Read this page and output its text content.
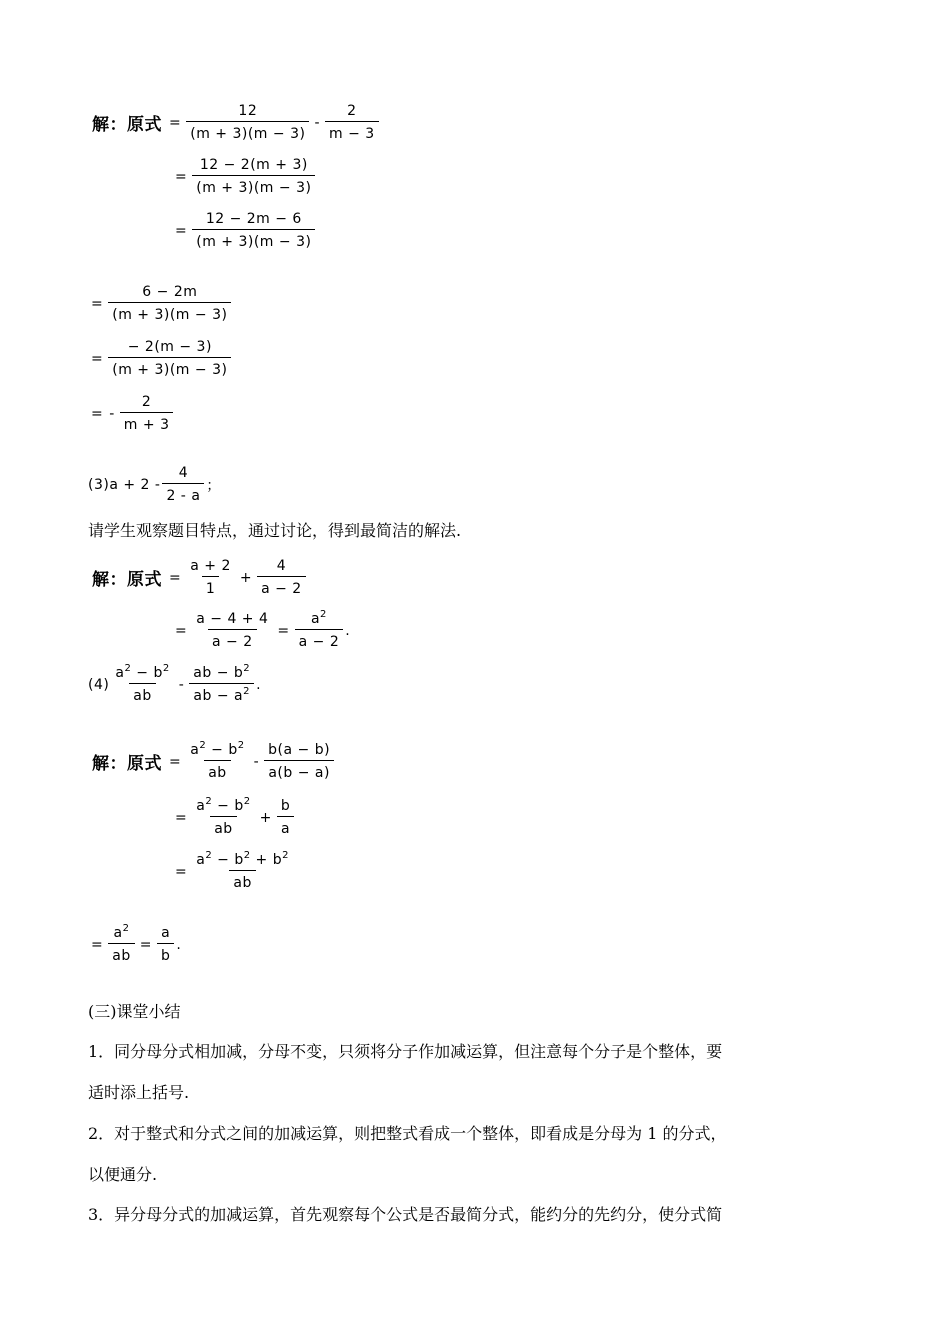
解：原式 = $\frac{12}{(m + 3)(m - 3)} - \frac{2}{m - 3}$
= $\frac{12 - 2(m + 3)}{(m + 3)(m - 3)}$
= $\frac{12 - 2m - 6}{(m + 3)(m - 3)}$
= $\frac{6 - 2m}{(m + 3)(m - 3)}$
= $\frac{- 2(m - 3)}{(m + 3)(m - 3)}$
= - $\frac{2}{m + 3}$
$(3)a + 2 - \frac{4}{2 - a}$ ；
请学生观察题目特点，通过讨论，得到最简洁的解法.
解：原式 = $\frac{a + 2}{1} + \frac{4}{a - 2}$
= $\frac{a - 4 + 4}{a - 2} = \frac{a^2}{a - 2}$ .
$(4) \frac{a^2 - b^2}{ab} - \frac{ab - b^2}{ab - a^2}$ .
解：原式 = $\frac{a^2 - b^2}{ab} - \frac{b(a - b)}{a(b - a)}$
= $\frac{a^2 - b^2}{ab} + \frac{b}{a}$
= $\frac{a^2 - b^2 + b^2}{ab}$
= $\frac{a^2}{ab} = \frac{a}{b}$ .
(三)课堂小结
1．同分母分式相加减，分母不变，只须将分子作加减运算，但注意每个分子是个整体，要
适时添上括号.
2．对于整式和分式之间的加减运算，则把整式看成一个整体，即看成是分母为 1 的分式，
以便通分.
3．异分母分式的加减运算，首先观察每个公式是否最简分式，能约分的先约分，使分式简
